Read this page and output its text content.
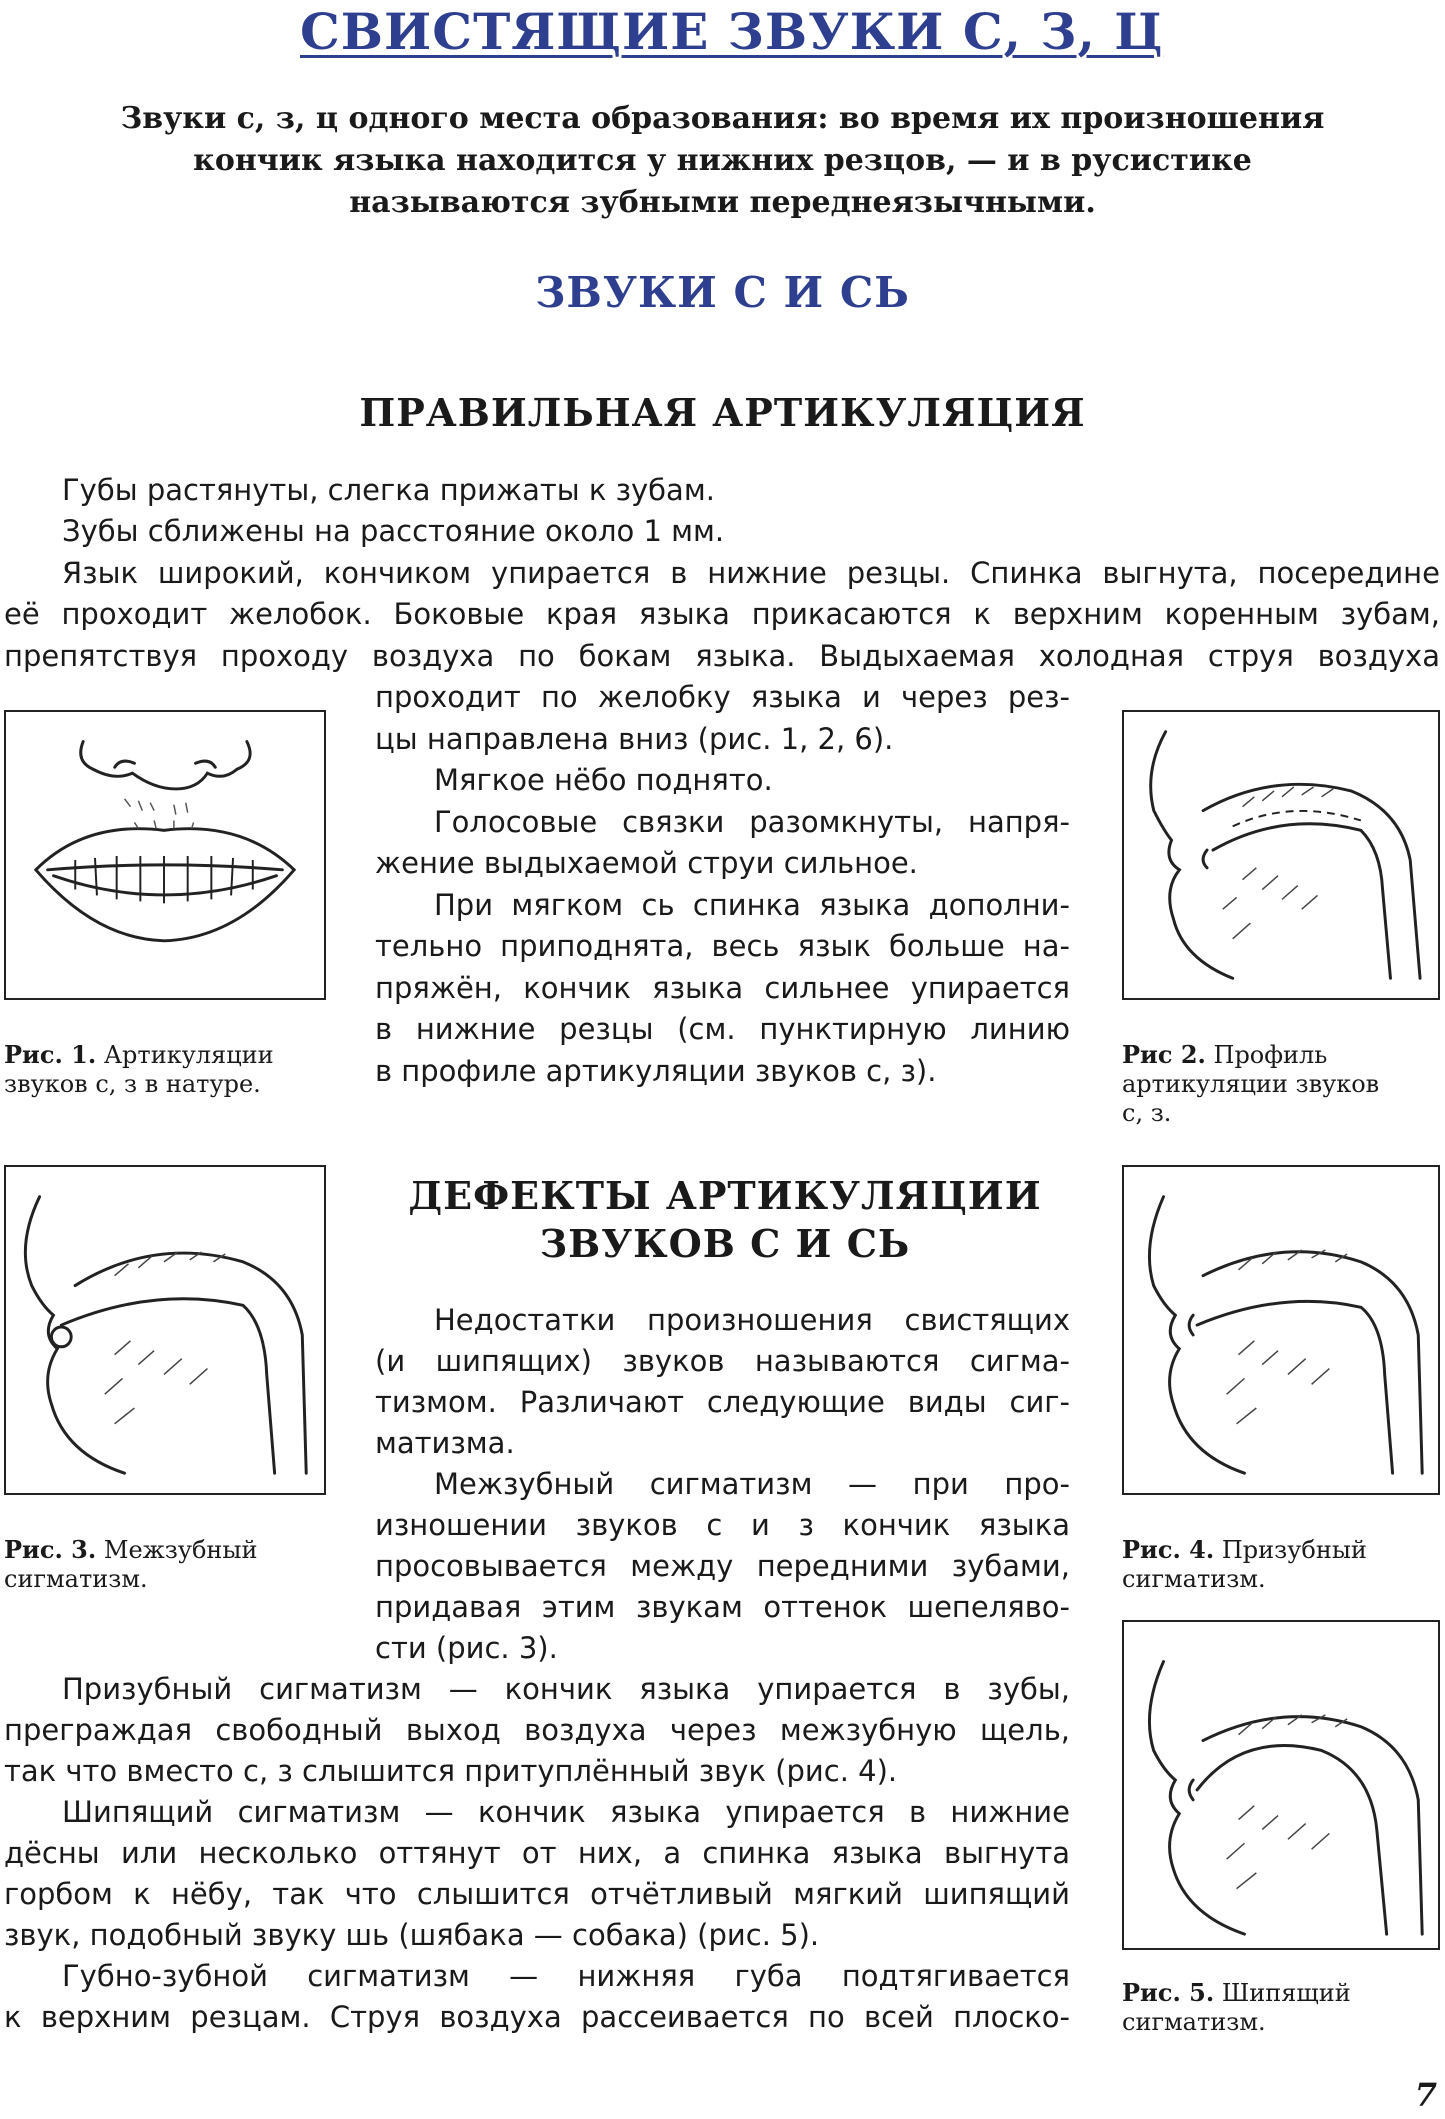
СВИСТЯЩИЕ ЗВУКИ С, З, Ц
Звуки с, з, ц одного места образования: во время их произношения
кончик языка находится у нижних резцов, — и в русистике
называются зубными переднеязычными.
ЗВУКИ С И СЬ
ПРАВИЛЬНАЯ АРТИКУЛЯЦИЯ
Губы растянуты, слегка прижаты к зубам.
Зубы сближены на расстояние около 1 мм.
Язык широкий, кончиком упирается в нижние резцы. Спинка выгнута, посередине
её проходит желобок. Боковые края языка прикасаются к верхним коренным зубам,
препятствуя проходу воздуха по бокам языка. Выдыхаемая холодная струя воздуха
проходит по желобку языка и через рез-
цы направлена вниз (рис. 1, 2, 6).
Мягкое нёбо поднято.
Голосовые связки разомкнуты, напря-
жение выдыхаемой струи сильное.
При мягком сь спинка языка дополни-
тельно приподнята, весь язык больше на-
пряжён, кончик языка сильнее упирается
в нижние резцы (см. пунктирную линию
в профиле артикуляции звуков с, з).
ДЕФЕКТЫ АРТИКУЛЯЦИИ
ЗВУКОВ С И СЬ
Недостатки произношения свистящих
(и шипящих) звуков называются сигма-
тизмом. Различают следующие виды сиг-
матизма.
Межзубный сигматизм — при про-
изношении звуков с и з кончик языка
просовывается между передними зубами,
придавая этим звукам оттенок шепеляво-
сти (рис. 3).
Призубный сигматизм — кончик языка упирается в зубы,
преграждая свободный выход воздуха через межзубную щель,
так что вместо с, з слышится притуплённый звук (рис. 4).
Шипящий сигматизм — кончик языка упирается в нижние
дёсны или несколько оттянут от них, а спинка языка выгнута
горбом к нёбу, так что слышится отчётливый мягкий шипящий
звук, подобный звуку шь (шябака — собака) (рис. 5).
Губно-зубной сигматизм — нижняя губа подтягивается
к верхним резцам. Струя воздуха рассеивается по всей плоско-
Рис. 1. Артикуляции
звуков с, з в натуре.
Рис 2. Профиль
артикуляции звуков
с, з.
Рис. 3. Межзубный
сигматизм.
Рис. 4. Призубный
сигматизм.
Рис. 5. Шипящий
сигматизм.
7
